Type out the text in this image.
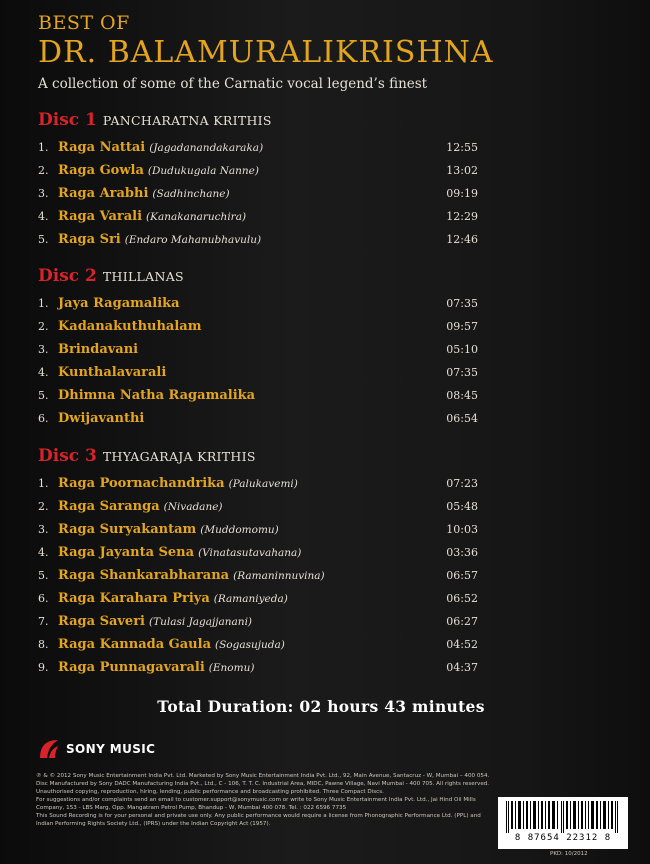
BEST OF
DR. BALAMURALIKRISHNA
A collection of some of the Carnatic vocal legend’s finest
Disc 1 PANCHARATNA KRITHIS
1. Raga Nattai (Jagadanandakaraka)	12:55
2. Raga Gowla (Dudukugala Nanne)	13:02
3. Raga Arabhi (Sadhinchane)	09:19
4. Raga Varali (Kanakanaruchira)	12:29
5. Raga Sri (Endaro Mahanubhavulu)	12:46
Disc 2 THILLANAS
1. Jaya Ragamalika	07:35
2. Kadanakuthuhalam	09:57
3. Brindavani	05:10
4. Kunthalavarali	07:35
5. Dhimna Natha Ragamalika	08:45
6. Dwijavanthi	06:54
Disc 3 THYAGARAJA KRITHIS
1. Raga Poornachandrika (Palukavemi)	07:23
2. Raga Saranga (Nivadane)	05:48
3. Raga Suryakantam (Muddomomu)	10:03
4. Raga Jayanta Sena (Vinatasutavahana)	03:36
5. Raga Shankarabharana (Ramaninnuvina)	06:57
6. Raga Karahara Priya (Ramaniyeda)	06:52
7. Raga Saveri (Tulasi Jagajjanani)	06:27
8. Raga Kannada Gaula (Sogasujuda)	04:52
9. Raga Punnagavarali (Enomu)	04:37
Total Duration: 02 hours 43 minutes
SONY MUSIC

℗ & © 2012 Sony Music Entertainment India Pvt. Ltd. Marketed by Sony Music Entertainment India Pvt. Ltd., 92, Main Avenue, Santacruz - W, Mumbai – 400 054. Disc Manufactured by Sony DADC Manufacturing India Pvt., Ltd., C - 106, T. T. C. Industrial Area, MIDC, Pawne Village, Navi Mumbai - 400 705. All rights reserved. Unauthorised copying, reproduction, hiring, lending, public performance and broadcasting prohibited. Three Compact Discs.

For suggestions and/or complaints send an email to customer.support@sonymusic.com or write to Sony Music Entertainment India Pvt. Ltd., Jai Hind Oil Mills Company, 153 - LBS Marg, Opp. Mangatram Petrol Pump, Bhandup - W, Mumbai 400 078. Tel. : 022 6596 7735

This Sound Recording is for your personal and private use only. Any public performance would require a license from Phonographic Performance Ltd. (PPL) and Indian Performing Rights Society Ltd., (IPRS) under the Indian Copyright Act (1957).

8 87654 22312 8
PKD: 10/2012
